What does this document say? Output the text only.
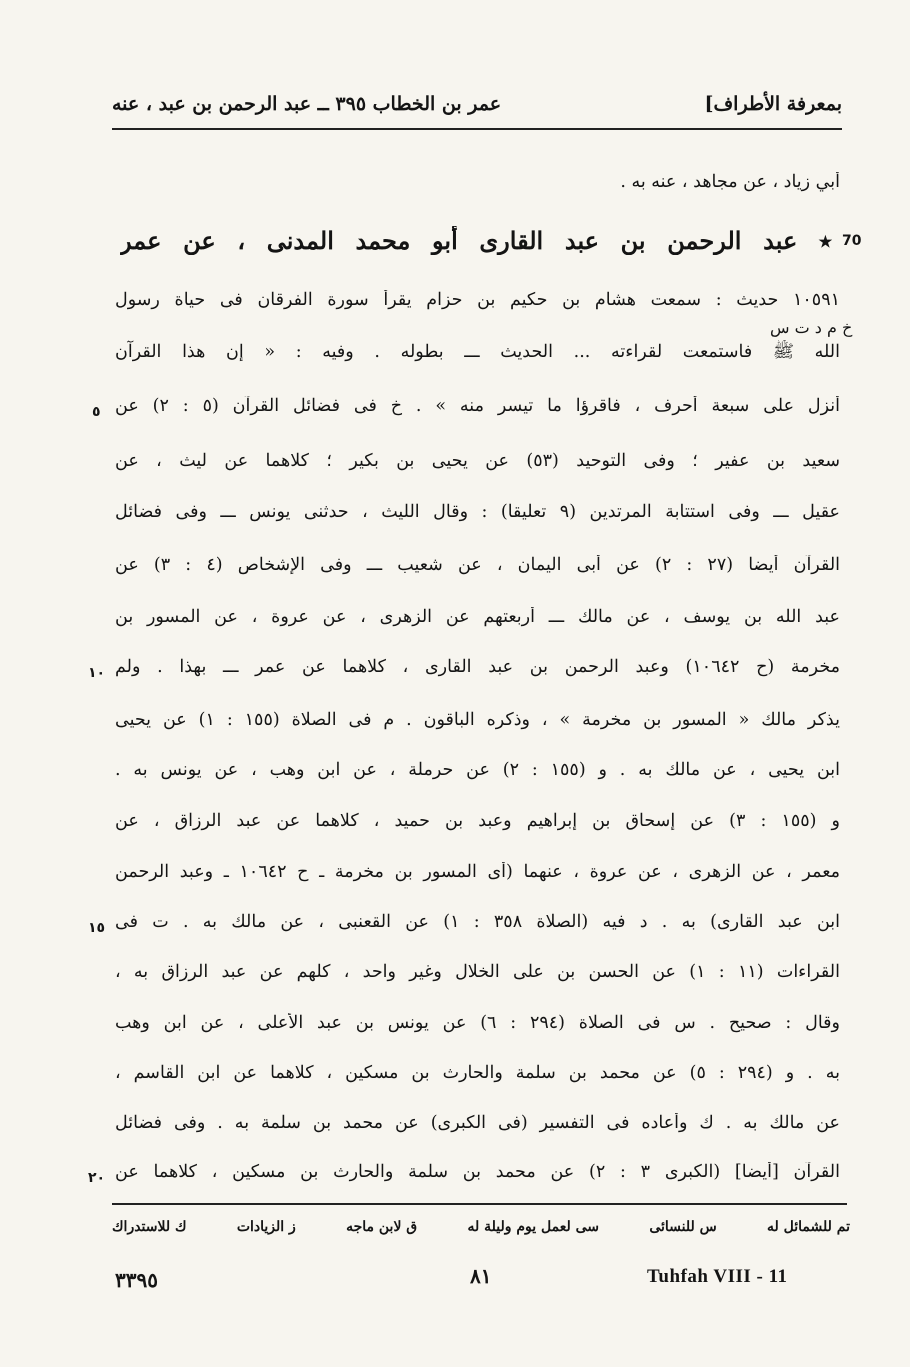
بمعرفة الأطراف]
عمر بن الخطاب ٣٩٥ ــ عبد الرحمن بن عبد ، عنه
أبي زياد ، عن مجاهد ، عنه به .
٭ عبد الرحمن بن عبد القارى أبو محمد المدنى ، عن عمر
١٠٥٩١ حديث : سمعت هشام بن حكيم بن حزام يقرأ سورة الفرقان فى حياة رسول
الله ﷺ فاستمعت لقراءته ... الحديث ـــ بطوله . وفيه : « إن هذا القرآن
أنزل على سبعة أحرف ، فاقرؤا ما تيسر منه » . خ فى فضائل القرآن (٥ : ٢) عن
سعيد بن عفير ؛ وفى التوحيد (٥٣) عن يحيى بن بكير ؛ كلاهما عن ليث ، عن
عقيل ـــ وفى استتابة المرتدين (٩ تعليقا) : وقال الليث ، حدثنى يونس ـــ وفى فضائل
القرآن أيضا (٢٧ : ٢) عن أبى اليمان ، عن شعيب ـــ وفى الإشخاص (٤ : ٣) عن
عبد الله بن يوسف ، عن مالك ـــ أربعتهم عن الزهرى ، عن عروة ، عن المسور بن
مخرمة (ح ١٠٦٤٢) وعبد الرحمن بن عبد القارى ، كلاهما عن عمر ـــ بهذا . ولم
يذكر مالك « المسور بن مخرمة » ، وذكره الباقون . م فى الصلاة (١٥٥ : ١) عن يحيى
ابن يحيى ، عن مالك به . و (١٥٥ : ٢) عن حرملة ، عن ابن وهب ، عن يونس به .
و (١٥٥ : ٣) عن إسحاق بن إبراهيم وعبد بن حميد ، كلاهما عن عبد الرزاق ، عن
معمر ، عن الزهرى ، عن عروة ، عنهما (أى المسور بن مخرمة ـ ح ١٠٦٤٢ ـ وعبد الرحمن
ابن عبد القارى) به . د فيه (الصلاة ٣٥٨ : ١) عن القعنبى ، عن مالك به . ت فى
القراءات (١١ : ١) عن الحسن بن على الخلال وغير واحد ، كلهم عن عبد الرزاق به ،
وقال : صحيح . س فى الصلاة (٢٩٤ : ٦) عن يونس بن عبد الأعلى ، عن ابن وهب
به . و (٢٩٤ : ٥) عن محمد بن سلمة والحارث بن مسكين ، كلاهما عن ابن القاسم ،
عن مالك به . ك وأعاده فى التفسير (فى الكبرى) عن محمد بن سلمة به . وفى فضائل
القرآن [أيضا] (الكبرى ٣ : ٢) عن محمد بن سلمة والحارث بن مسكين ، كلاهما عن
70
خ م د ت س
٥
١٠
١٥
٢٠
تم للشمائل له
س للنسائى
سى لعمل يوم وليلة له
ق لابن ماجه
ز الزيادات
ك للاستدراك
Tuhfah VIII - 11
٨١
٣٣٩٥
